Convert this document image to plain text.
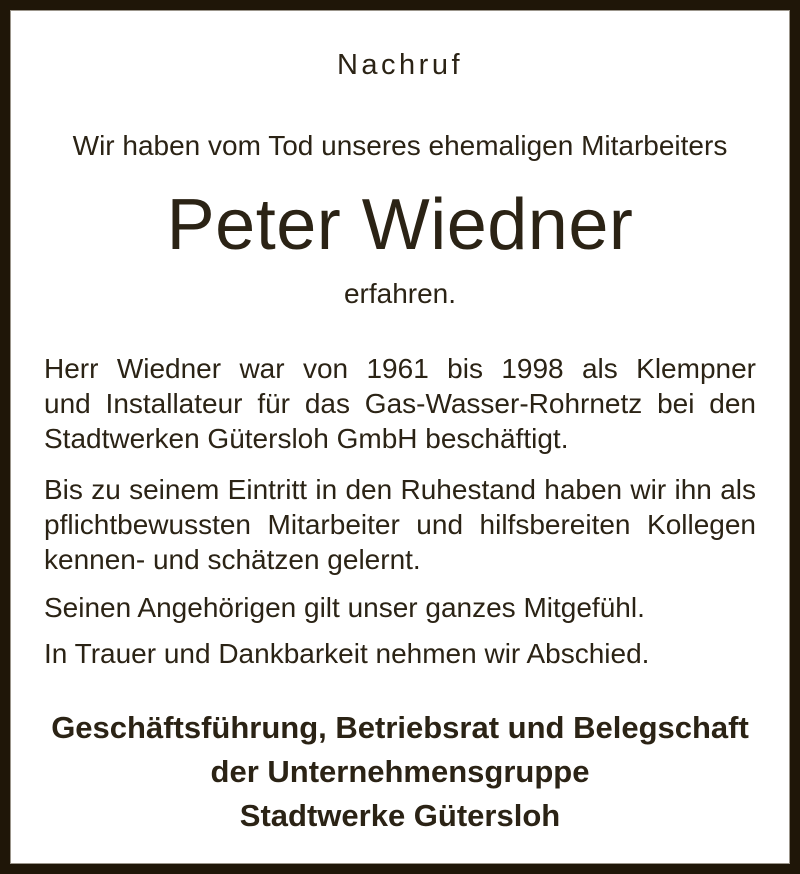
Nachruf
Wir haben vom Tod unseres ehemaligen Mitarbeiters
Peter Wiedner
erfahren.
Herr Wiedner war von 1961 bis 1998 als Klempner
und Installateur für das Gas-Wasser-Rohrnetz bei den
Stadtwerken Gütersloh GmbH beschäftigt.
Bis zu seinem Eintritt in den Ruhestand haben wir ihn als
pflichtbewussten Mitarbeiter und hilfsbereiten Kollegen
kennen- und schätzen gelernt.
Seinen Angehörigen gilt unser ganzes Mitgefühl.
In Trauer und Dankbarkeit nehmen wir Abschied.
Geschäftsführung, Betriebsrat und Belegschaft
der Unternehmensgruppe
Stadtwerke Gütersloh
